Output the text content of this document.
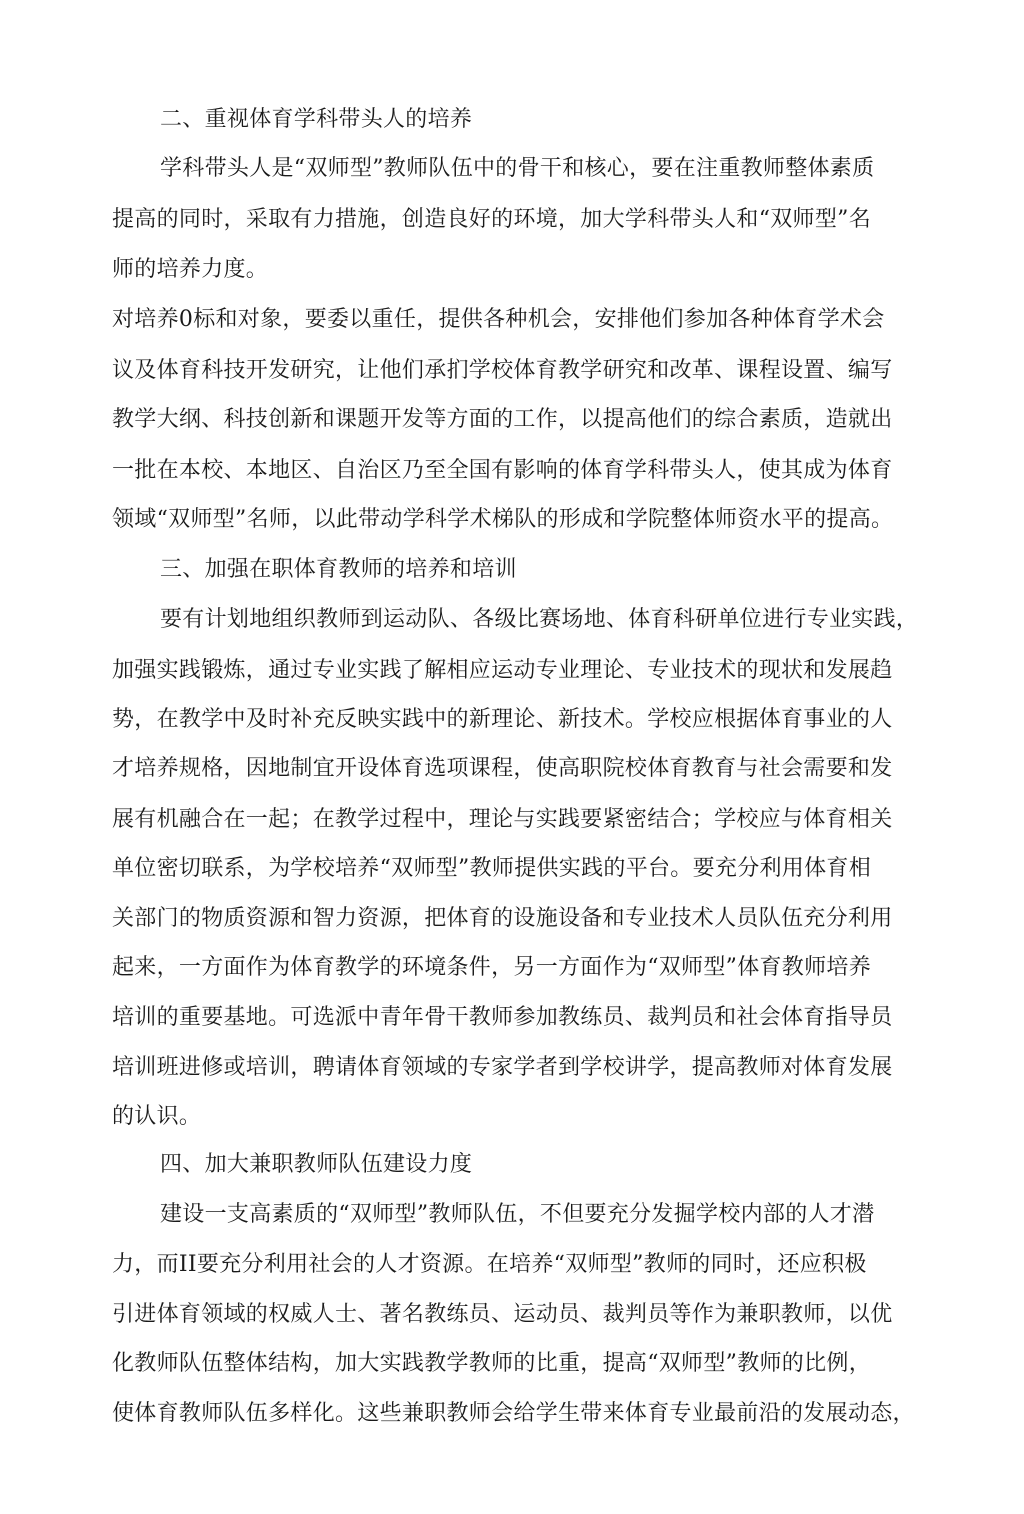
二、重视体育学科带头人的培养
学科带头人是“双师型”教师队伍中的骨干和核心，要在注重教师整体素质
提高的同时，采取有力措施，创造良好的环境，加大学科带头人和“双师型”名
师的培养力度。
对培养0标和对象，要委以重任，提供各种机会，安排他们参加各种体育学术会
议及体育科技开发研究，让他们承扪学校体育教学研究和改革、课程设置、编写
教学大纲、科技创新和课题开发等方面的工作，以提高他们的综合素质，造就出
一批在本校、本地区、自治区乃至全国有影响的体育学科带头人，使其成为体育
领域“双师型”名师，以此带动学科学术梯队的形成和学院整体师资水平的提高。
三、加强在职体育教师的培养和培训
要有计划地组织教师到运动队、各级比赛场地、体育科研单位进行专业实践，
加强实践锻炼，通过专业实践了解相应运动专业理论、专业技术的现状和发展趋
势，在教学中及时补充反映实践中的新理论、新技术。学校应根据体育事业的人
才培养规格，因地制宜开设体育选项课程，使高职院校体育教育与社会需要和发
展有机融合在一起；在教学过程中，理论与实践要紧密结合；学校应与体育相关
单位密切联系，为学校培养“双师型”教师提供实践的平台。要充分利用体育相
关部门的物质资源和智力资源，把体育的设施设备和专业技术人员队伍充分利用
起来，一方面作为体育教学的环境条件，另一方面作为“双师型”体育教师培养
培训的重要基地。可选派中青年骨干教师参加教练员、裁判员和社会体育指导员
培训班进修或培训，聘请体育领域的专家学者到学校讲学，提高教师对体育发展
的认识。
四、加大兼职教师队伍建设力度
建设一支高素质的“双师型”教师队伍，不但要充分发掘学校内部的人才潜
力，而II要充分利用社会的人才资源。在培养“双师型”教师的同时，还应积极
引进体育领域的权威人士、著名教练员、运动员、裁判员等作为兼职教师，以优
化教师队伍整体结构，加大实践教学教师的比重，提高“双师型”教师的比例，
使体育教师队伍多样化。这些兼职教师会给学生带来体育专业最前沿的发展动态，
